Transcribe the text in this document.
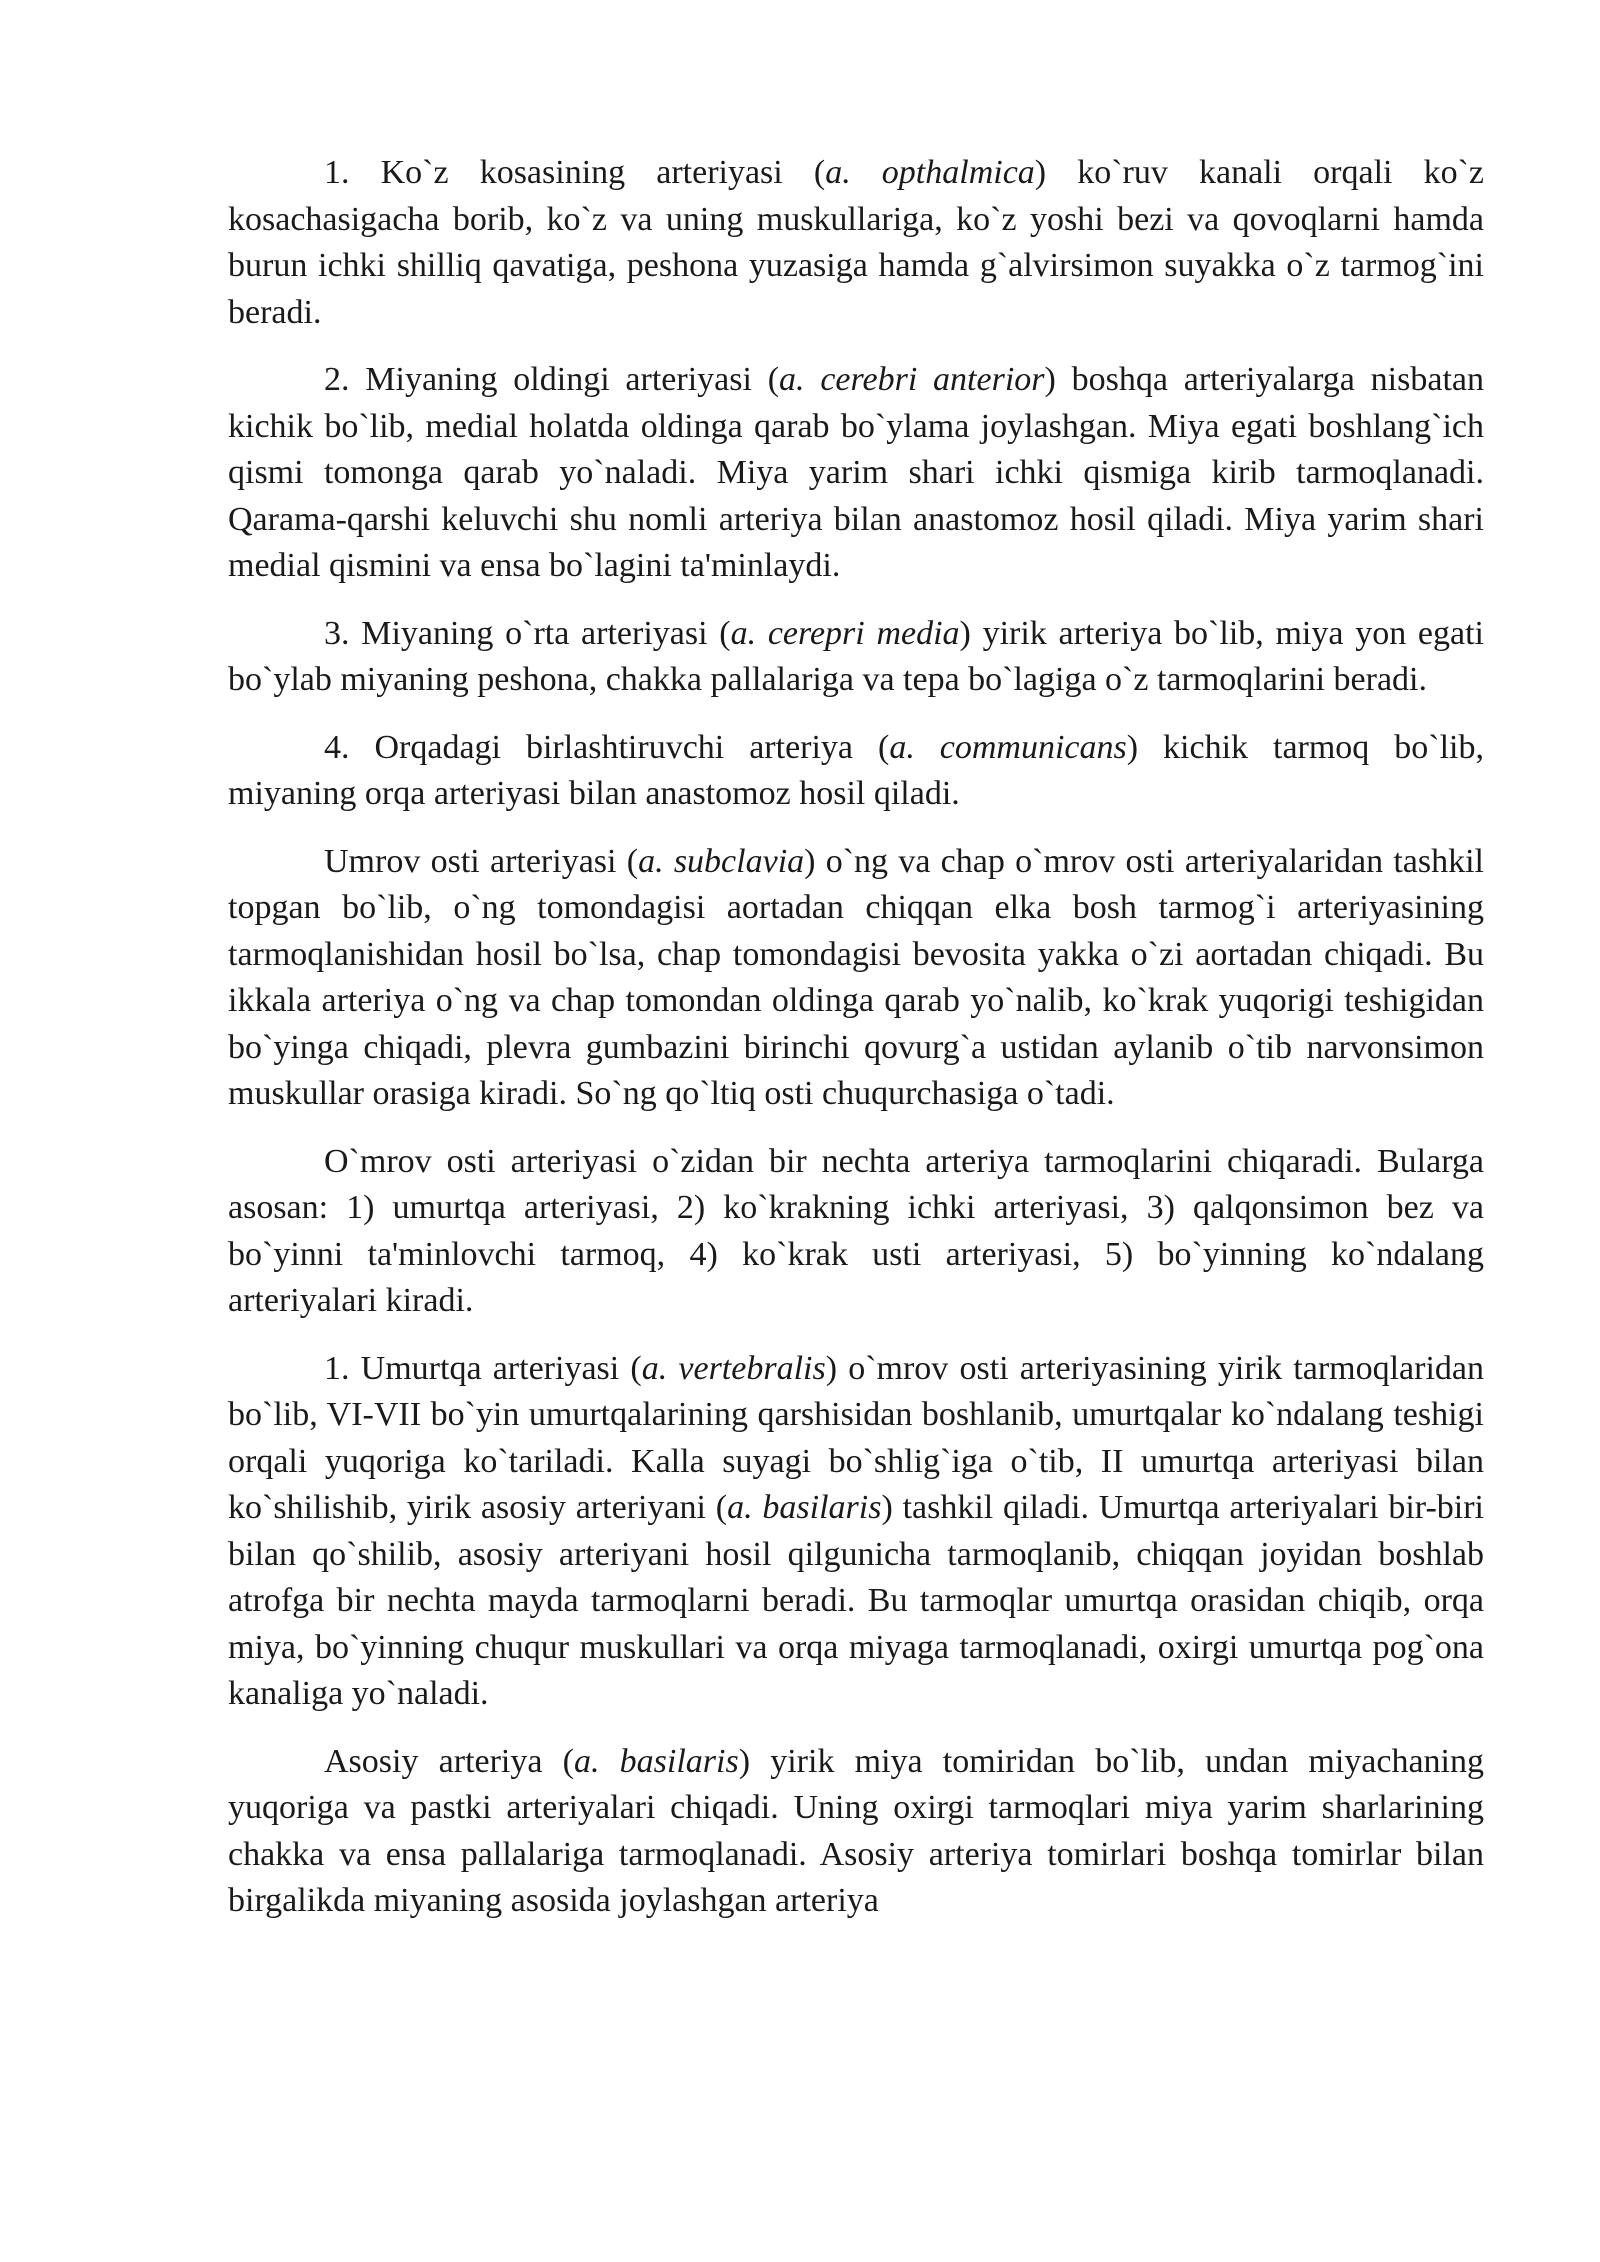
1. Ko`z kosasining arteriyasi (a. opthalmica) ko`ruv kanali orqali ko`z kosachasigacha borib, ko`z va uning muskullariga, ko`z yoshi bezi va qovoqlarni hamda burun ichki shilliq qavatiga, peshona yuzasiga hamda g`alvirsimon suyakka o`z tarmog`ini beradi.

2. Miyaning oldingi arteriyasi (a. cerebri anterior) boshqa arteriyalarga nisbatan kichik bo`lib, medial holatda oldinga qarab bo`ylama joylashgan. Miya egati boshlang`ich qismi tomonga qarab yo`naladi. Miya yarim shari ichki qismiga kirib tarmoqlanadi. Qarama-qarshi keluvchi shu nomli arteriya bilan anastomoz hosil qiladi. Miya yarim shari medial qismini va ensa bo`lagini ta'minlaydi.

3. Miyaning o`rta arteriyasi (a. cerepri media) yirik arteriya bo`lib, miya yon egati bo`ylab miyaning peshona, chakka pallalariga va tepa bo`lagiga o`z tarmoqlarini beradi.

4. Orqadagi birlashtiruvchi arteriya (a. communicans) kichik tarmoq bo`lib, miyaning orqa arteriyasi bilan anastomoz hosil qiladi.

Umrov osti arteriyasi (a. subclavia) o`ng va chap o`mrov osti arteriyalaridan tashkil topgan bo`lib, o`ng tomondagisi aortadan chiqqan elka bosh tarmog`i arteriyasining tarmoqlanishidan hosil bo`lsa, chap tomondagisi bevosita yakka o`zi aortadan chiqadi. Bu ikkala arteriya o`ng va chap tomondan oldinga qarab yo`nalib, ko`krak yuqorigi teshigidan bo`yinga chiqadi, plevra gumbazini birinchi qovurg`a ustidan aylanib o`tib narvonsimon muskullar orasiga kiradi. So`ng qo`ltiq osti chuqurchasiga o`tadi.

O`mrov osti arteriyasi o`zidan bir nechta arteriya tarmoqlarini chiqaradi. Bularga asosan: 1) umurtqa arteriyasi, 2) ko`krakning ichki arteriyasi, 3) qalqonsimon bez va bo`yinni ta'minlovchi tarmoq, 4) ko`krak usti arteriyasi, 5) bo`yinning ko`ndalang arteriyalari kiradi.

1. Umurtqa arteriyasi (a. vertebralis) o`mrov osti arteriyasining yirik tarmoqlaridan bo`lib, VI-VII bo`yin umurtqalarining qarshisidan boshlanib, umurtqalar ko`ndalang teshigi orqali yuqoriga ko`tariladi. Kalla suyagi bo`shlig`iga o`tib, II umurtqa arteriyasi bilan ko`shilishib, yirik asosiy arteriyani (a. basilaris) tashkil qiladi. Umurtqa arteriyalari bir-biri bilan qo`shilib, asosiy arteriyani hosil qilgunicha tarmoqlanib, chiqqan joyidan boshlab atrofga bir nechta mayda tarmoqlarni beradi. Bu tarmoqlar umurtqa orasidan chiqib, orqa miya, bo`yinning chuqur muskullari va orqa miyaga tarmoqlanadi, oxirgi umurtqa pog`ona kanaliga yo`naladi.

Asosiy arteriya (a. basilaris) yirik miya tomiridan bo`lib, undan miyachaning yuqoriga va pastki arteriyalari chiqadi. Uning oxirgi tarmoqlari miya yarim sharlarining chakka va ensa pallalariga tarmoqlanadi. Asosiy arteriya tomirlari boshqa tomirlar bilan birgalikda miyaning asosida joylashgan arteriya
